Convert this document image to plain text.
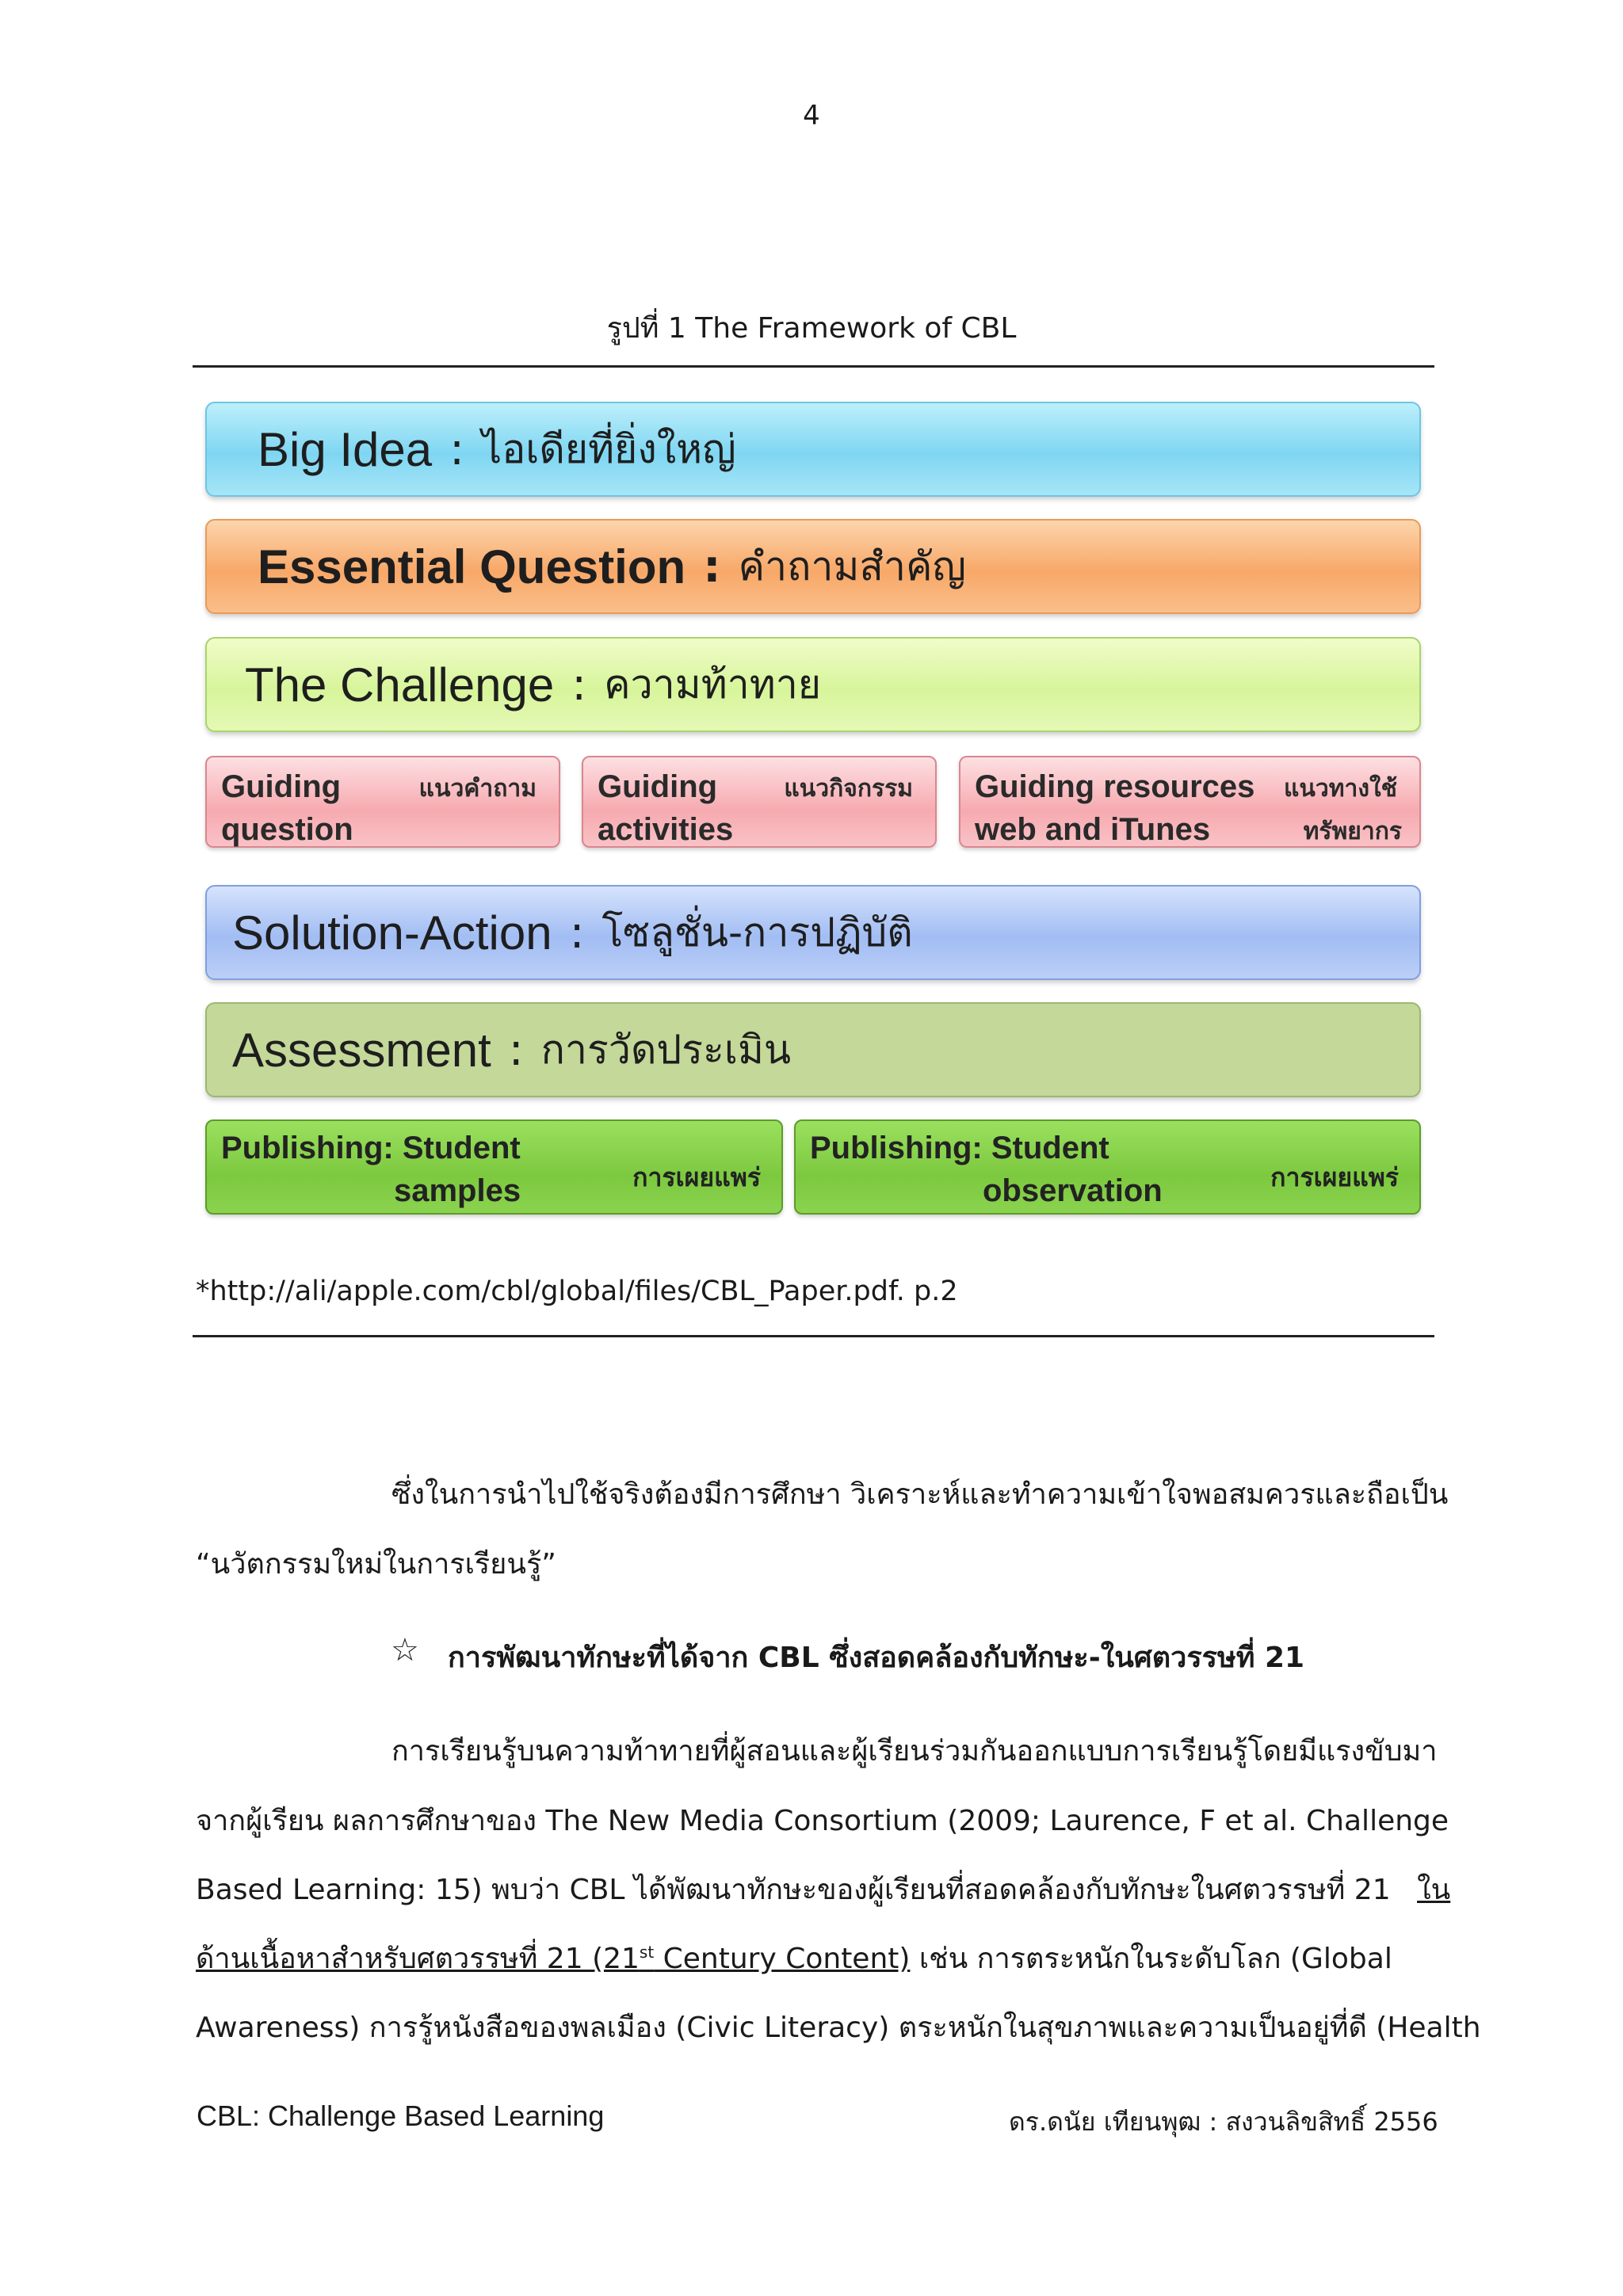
4
รูปที่ 1 The Framework of CBL
Big Idea : ไอเดียที่ยิ่งใหญ่
Essential Question : คำถามสำคัญ
The Challenge : ความท้าทาย
Guiding
question
แนวคำถาม Guiding
activities
แนวกิจกรรม Guiding resources
web and iTunes
แนวทางใช้
ทรัพยากร
Solution-Action : โซลูชั่น-การปฏิบัติ
Assessment : การวัดประเมิน
Publishing: Student
samples	การเผยแพร่
Publishing: Student
observation	การเผยแพร่
*http://ali/apple.com/cbl/global/files/CBL_Paper.pdf. p.2
ซึ่งในการนำไปใช้จริงต้องมีการศึกษา วิเคราะห์และทำความเข้าใจพอสมควรและถือเป็น
“นวัตกรรมใหม่ในการเรียนรู้”
☆ การพัฒนาทักษะที่ได้จาก CBL ซึ่งสอดคล้องกับทักษะ-ในศตวรรษที่ 21
การเรียนรู้บนความท้าทายที่ผู้สอนและผู้เรียนร่วมกันออกแบบการเรียนรู้โดยมีแรงขับมา
จากผู้เรียน ผลการศึกษาของ The New Media Consortium (2009; Laurence, F et al. Challenge
Based Learning: 15) พบว่า CBL ได้พัฒนาทักษะของผู้เรียนที่สอดคล้องกับทักษะในศตวรรษที่ 21 ใน
ด้านเนื้อหาสำหรับศตวรรษที่ 21 (21st Century Content) เช่น การตระหนักในระดับโลก (Global
Awareness) การรู้หนังสือของพลเมือง (Civic Literacy) ตระหนักในสุขภาพและความเป็นอยู่ที่ดี (Health
CBL: Challenge Based Learning	ดร.ดนัย เทียนพุฒ : สงวนลิขสิทธิ์ 2556
